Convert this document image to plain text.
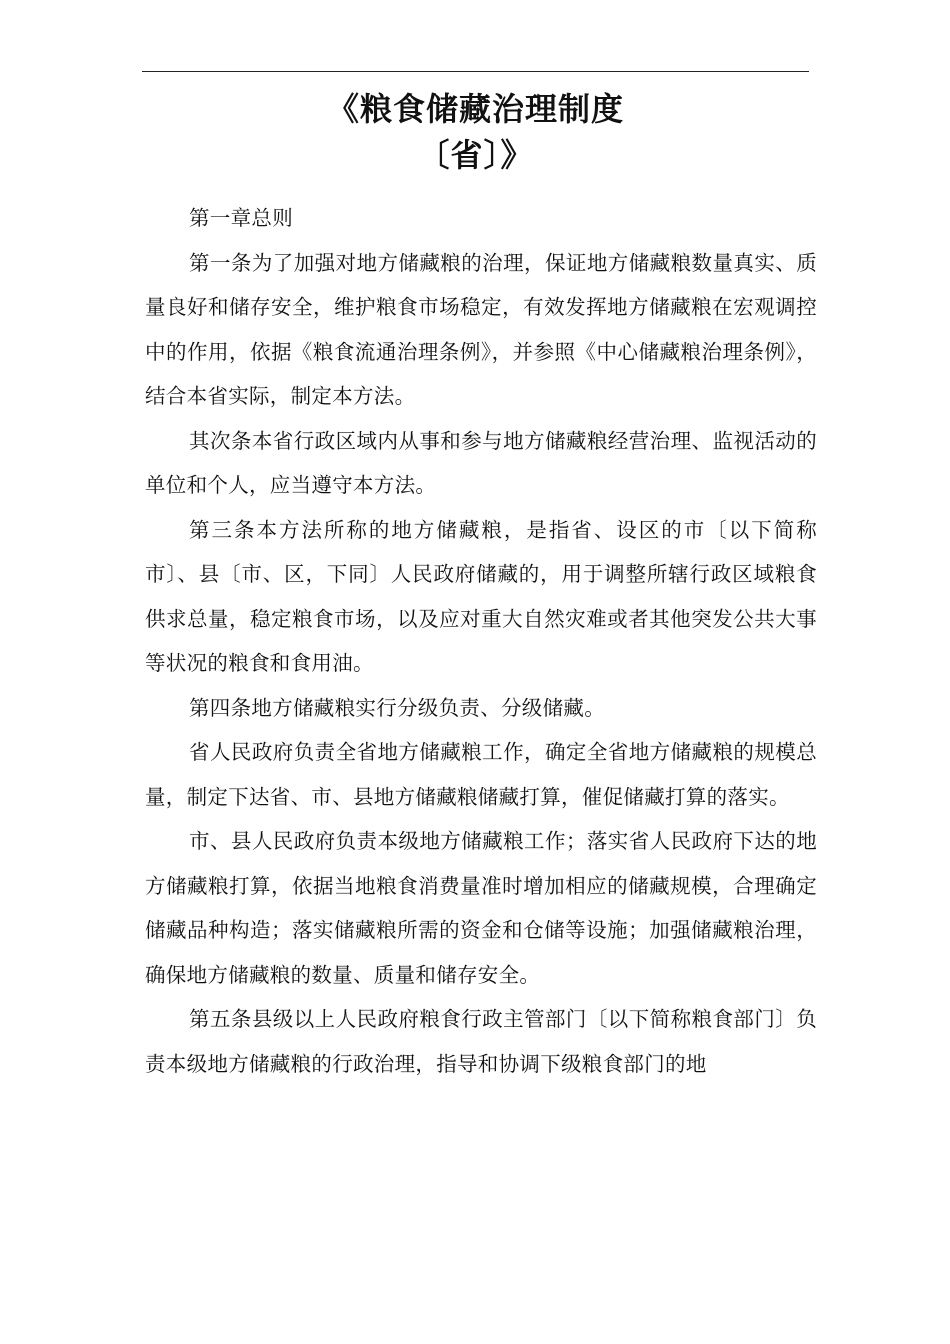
《粮食储藏治理制度
〔省〕》

第一章总则

第一条为了加强对地方储藏粮的治理，保证地方储藏粮数量真实、质量良好和储存安全，维护粮食市场稳定，有效发挥地方储藏粮在宏观调控中的作用，依据《粮食流通治理条例》，并参照《中心储藏粮治理条例》，结合本省实际，制定本方法。

其次条本省行政区域内从事和参与地方储藏粮经营治理、监视活动的单位和个人，应当遵守本方法。

第三条本方法所称的地方储藏粮，是指省、设区的市〔以下简称市〕、县〔市、区，下同〕人民政府储藏的，用于调整所辖行政区域粮食供求总量，稳定粮食市场，以及应对重大自然灾难或者其他突发公共大事等状况的粮食和食用油。

第四条地方储藏粮实行分级负责、分级储藏。

省人民政府负责全省地方储藏粮工作，确定全省地方储藏粮的规模总量，制定下达省、市、县地方储藏粮储藏打算，催促储藏打算的落实。

市、县人民政府负责本级地方储藏粮工作；落实省人民政府下达的地方储藏粮打算，依据当地粮食消费量准时增加相应的储藏规模，合理确定储藏品种构造；落实储藏粮所需的资金和仓储等设施；加强储藏粮治理，确保地方储藏粮的数量、质量和储存安全。

第五条县级以上人民政府粮食行政主管部门〔以下简称粮食部门〕负责本级地方储藏粮的行政治理，指导和协调下级粮食部门的地
